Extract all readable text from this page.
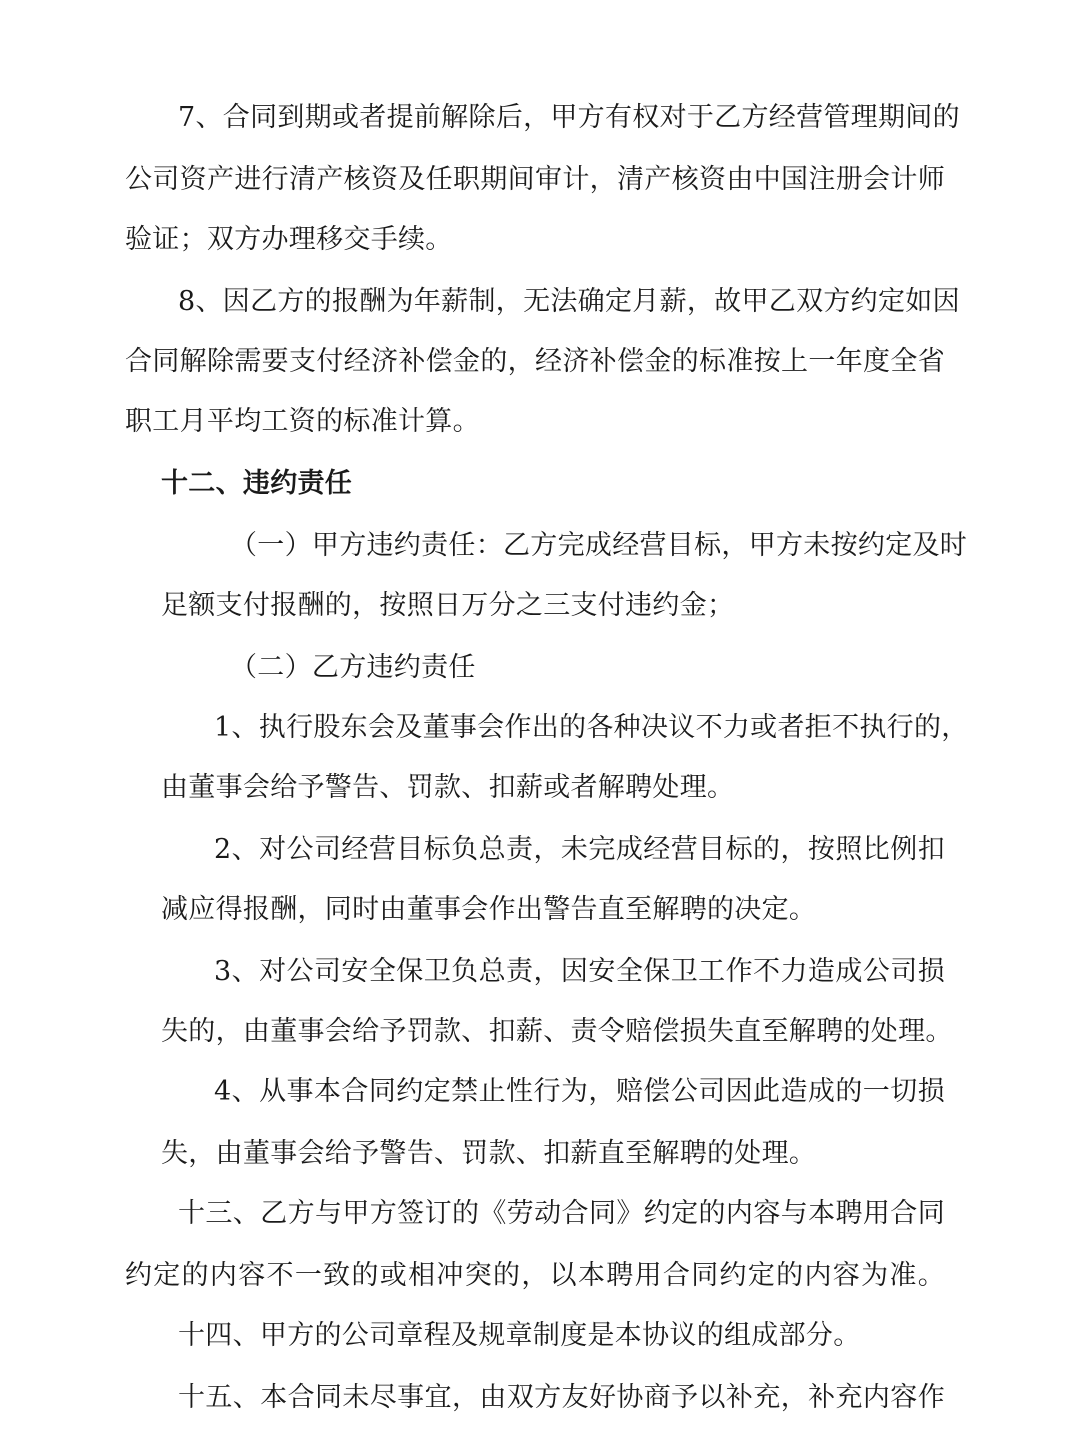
7、合同到期或者提前解除后，甲方有权对于乙方经营管理期间的
公司资产进行清产核资及任职期间审计，清产核资由中国注册会计师
验证；双方办理移交手续。
8、因乙方的报酬为年薪制，无法确定月薪，故甲乙双方约定如因
合同解除需要支付经济补偿金的，经济补偿金的标准按上一年度全省
职工月平均工资的标准计算。
十二、违约责任
（一）甲方违约责任：乙方完成经营目标，甲方未按约定及时
足额支付报酬的，按照日万分之三支付违约金；
（二）乙方违约责任
1、执行股东会及董事会作出的各种决议不力或者拒不执行的，
由董事会给予警告、罚款、扣薪或者解聘处理。
2、对公司经营目标负总责，未完成经营目标的，按照比例扣
减应得报酬，同时由董事会作出警告直至解聘的决定。
3、对公司安全保卫负总责，因安全保卫工作不力造成公司损
失的，由董事会给予罚款、扣薪、责令赔偿损失直至解聘的处理。
4、从事本合同约定禁止性行为，赔偿公司因此造成的一切损
失，由董事会给予警告、罚款、扣薪直至解聘的处理。
十三、乙方与甲方签订的《劳动合同》约定的内容与本聘用合同
约定的内容不一致的或相冲突的，以本聘用合同约定的内容为准。
十四、甲方的公司章程及规章制度是本协议的组成部分。
十五、本合同未尽事宜，由双方友好协商予以补充，补充内容作
